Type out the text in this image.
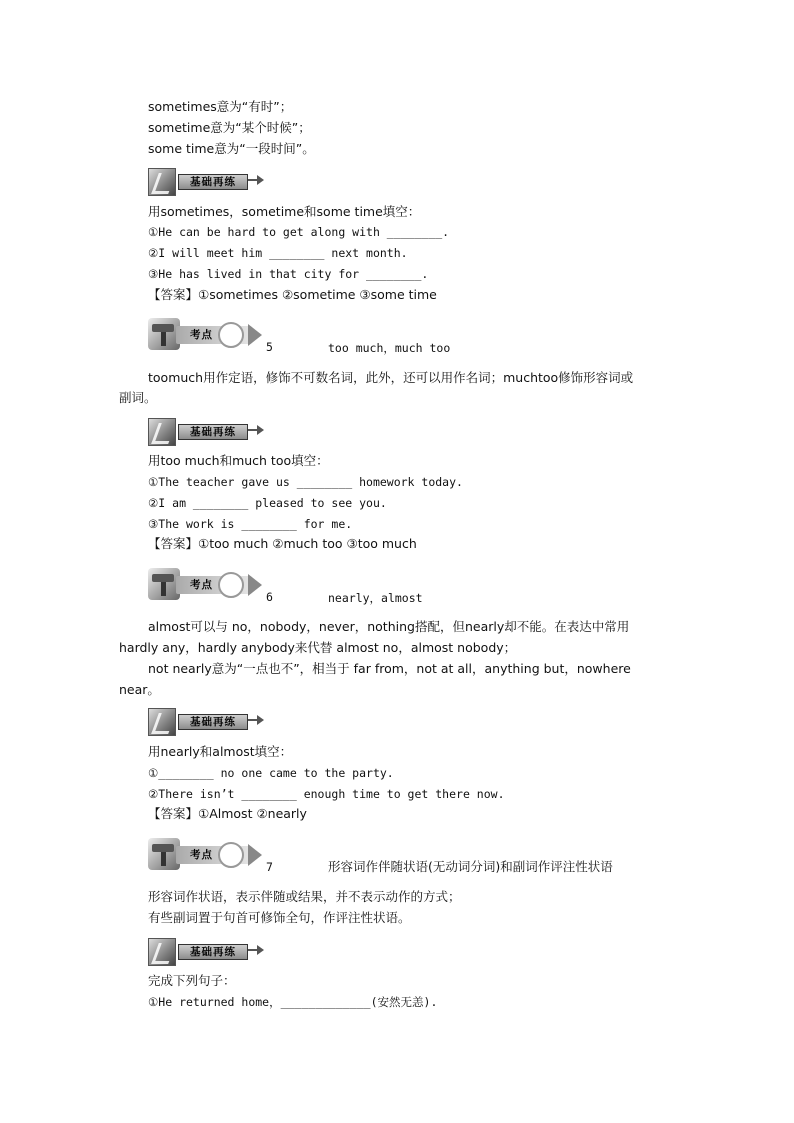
sometimes意为“有时”；
sometime意为“某个时候”；
some time意为“一段时间”。
基础再练
用sometimes，sometime和some time填空：
①He can be hard to get along with ________.
②I will meet him ________ next month.
③He has lived in that city for ________.
【答案】①sometimes ②sometime ③some time
考点
5	too much，much too
toomuch用作定语，修饰不可数名词，此外，还可以用作名词；muchtoo修饰形容词或
副词。
基础再练
用too much和much too填空：
①The teacher gave us ________ homework today.
②I am ________ pleased to see you.
③The work is ________ for me.
【答案】①too much ②much too ③too much
考点
6	nearly，almost
almost可以与 no，nobody，never，nothing搭配，但nearly却不能。在表达中常用
hardly any，hardly anybody来代替 almost no，almost nobody；
not nearly意为“一点也不”，相当于 far from，not at all，anything but，nowhere
near。
基础再练
用nearly和almost填空：
①________ no one came to the party.
②There isn’t ________ enough time to get there now.
【答案】①Almost ②nearly
考点
7	形容词作伴随状语(无动词分词)和副词作评注性状语
形容词作状语，表示伴随或结果，并不表示动作的方式；
有些副词置于句首可修饰全句，作评注性状语。
基础再练
完成下列句子：
①He returned home，_____________(安然无恙).
